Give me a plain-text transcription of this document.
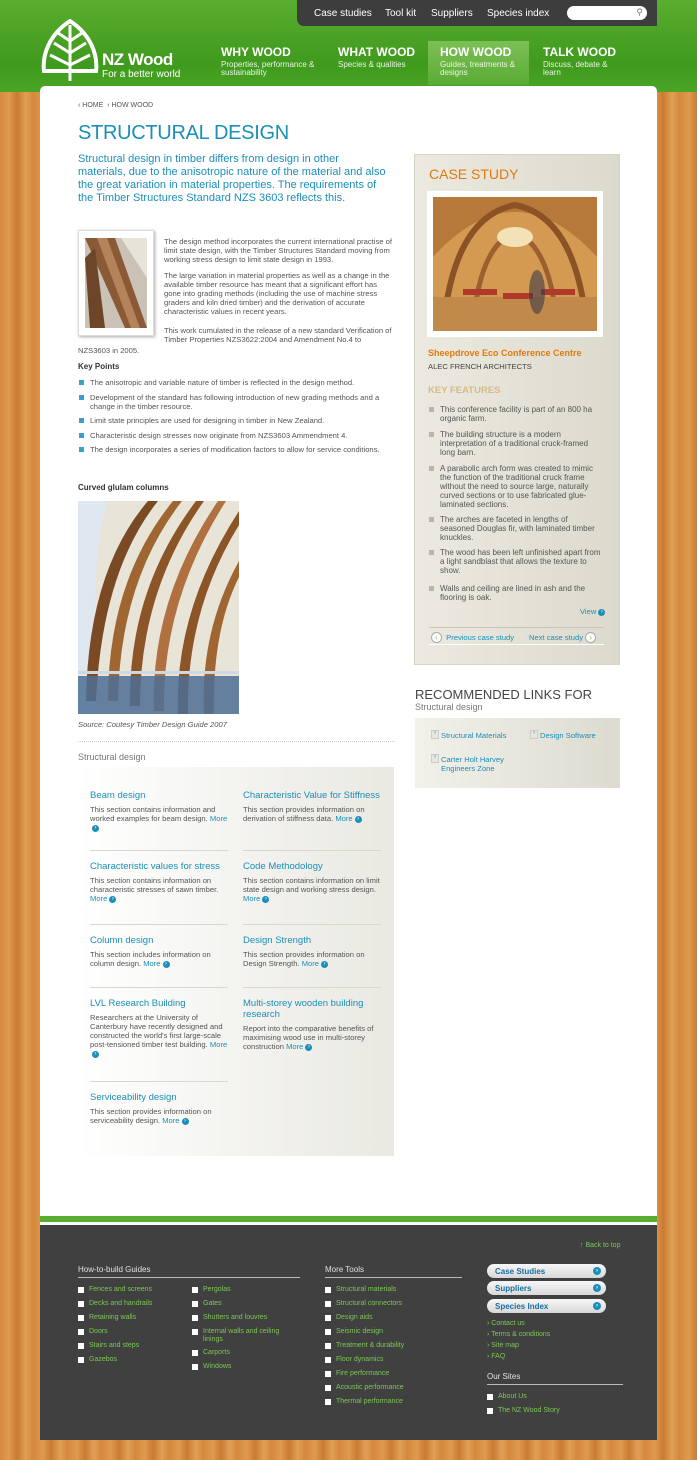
Case studies Tool kit Suppliers Species index	⚲
NZ Wood
For a better world
WHY WOOD
Properties, performance & sustainability
WHAT WOOD
Species & qualities
HOW WOOD
Guides, treatments & designs
TALK WOOD
Discuss, debate & learn
‹ HOME ‹ HOW WOOD
STRUCTURAL DESIGN
Structural design in timber differs from design in other materials, due to the anisotropic nature of the material and also the great variation in material properties. The requirements of the Timber Structures Standard NZS 3603 reflects this.
The design method incorporates the current international practise of limit state design, with the Timber Structures Standard moving from working stress design to limit state design in 1993.
The large variation in material properties as well as a change in the available timber resource has meant that a significant effort has gone into grading methods (including the use of machine stress graders and kiln dried timber) and the derivation of accurate characteristic values in recent years.
This work cumulated in the release of a new standard Verification of Timber Properties NZS3622:2004 and Amendment No.4 to
NZS3603 in 2005.
Key Points
The anisotropic and variable nature of timber is reflected in the design method.
Development of the standard has following introduction of new grading methods and a change in the timber resource.
Limit state principles are used for designing in timber in New Zealand.
Characteristic design stresses now originate from NZS3603 Ammendment 4.
The design incorporates a series of modification factors to allow for service conditions.
Curved glulam columns
Source: Coutesy Timber Design Guide 2007
Structural design
Beam design
This section contains information and worked examples for beam design. More›
Characteristic Value for Stiffness
This section provides information on derivation of stiffness data. More ›
Characteristic values for stress
This section contains information on characteristic stresses of sawn timber. More ›
Code Methodology
This section contains information on limit state design and working stress design. More ›
Column design
This section includes information on column design. More ›
Design Strength
This section provides information on Design Strength. More ›
LVL Research Building
Researchers at the University of Canterbury have recently designed and constructed the world's first large-scale post-tensioned timber test building. More›
Multi-storey wooden building research
Report into the comparative benefits of maximising wood use in multi-storey construction More ›
Serviceability design
This section provides information on serviceability design. More ›
CASE STUDY
Sheepdrove Eco Conference Centre
ALEC FRENCH ARCHITECTS
KEY FEATURES
This conference facility is part of an 800 ha organic farm.
The building structure is a modern interpretation of a traditional cruck-framed long barn.
A parabolic arch form was created to mimic the function of the traditional cruck frame without the need to source large, naturally curved sections or to use fabricated glue-laminated sections.
The arches are faceted in lengths of seasoned Douglas fir, with laminated timber knuckles.
The wood has been left unfinished apart from a light sandblast that allows the texture to show.
Walls and ceiling are lined in ash and the flooring is oak.
View ›
‹ Previous case study Next case study ›
RECOMMENDED LINKS FOR
Structural design
› Structural Materials
›	Design Software
› Carter Holt Harvey Engineers Zone
↑ Back to top
How-to-build Guides
Fences and screens
Decks and handrails
Retaining walls
Doors
Stairs and steps
Gazebos
Pergolas
Gates
Shutters and louvres
Internal walls and ceiling linings
Carports
Windows
More Tools
Structural materials
Structural connectors
Design aids
Seismic design
Treatment & durability
Floor dynamics
Fire performance
Acoustic performance
Thermal performance
Case Studies	›
Suppliers	›
Species Index	›
› Contact us
› Terms & conditions
› Site map
› FAQ
Our Sites
About Us
The NZ Wood Story
